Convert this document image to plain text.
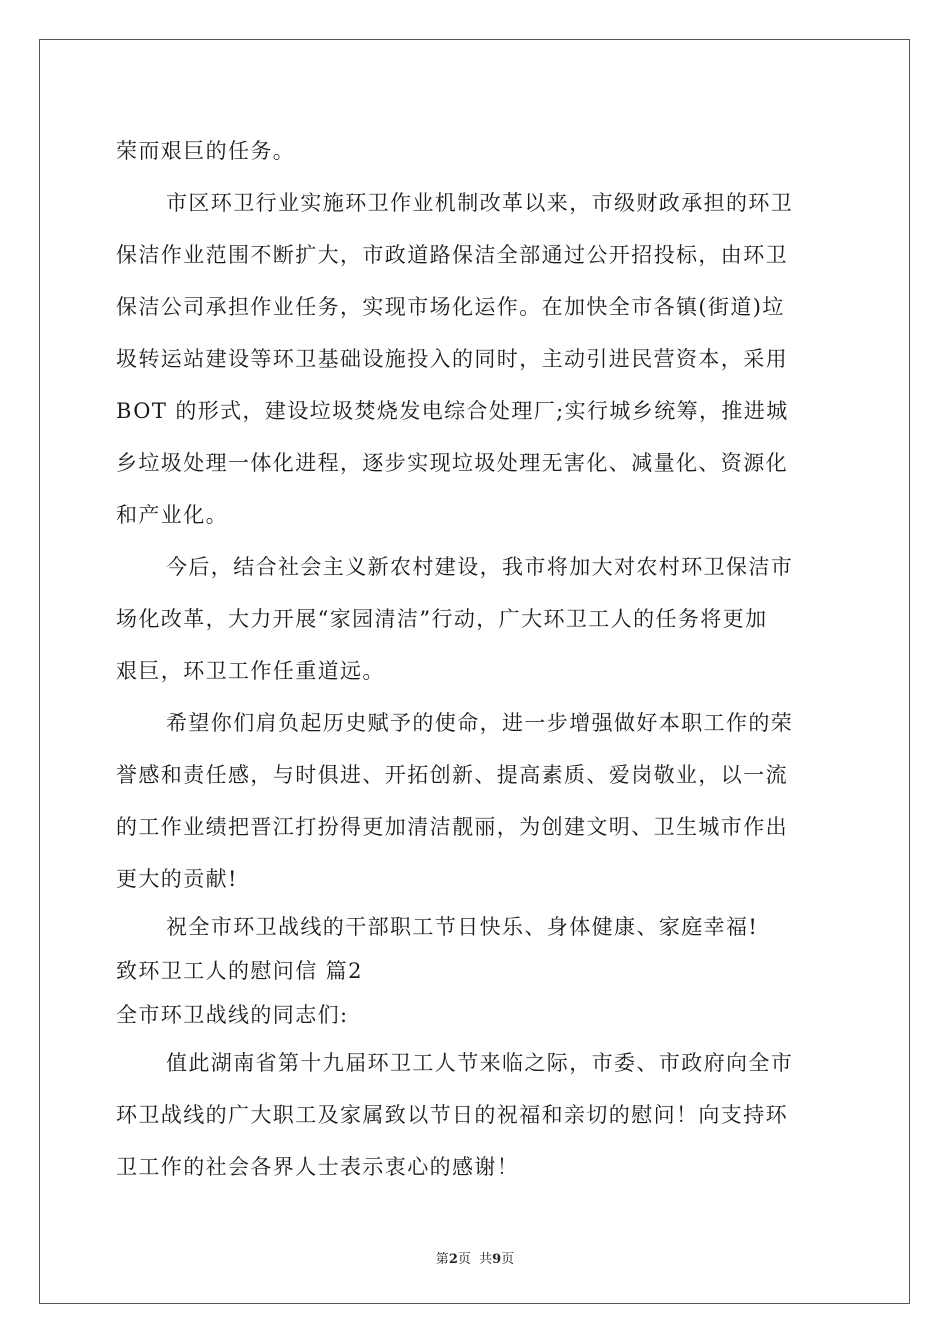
荣而艰巨的任务。
市区环卫行业实施环卫作业机制改革以来，市级财政承担的环卫
保洁作业范围不断扩大，市政道路保洁全部通过公开招投标，由环卫
保洁公司承担作业任务，实现市场化运作。在加快全市各镇(街道)垃
圾转运站建设等环卫基础设施投入的同时，主动引进民营资本，采用
BOT 的形式，建设垃圾焚烧发电综合处理厂;实行城乡统筹，推进城
乡垃圾处理一体化进程，逐步实现垃圾处理无害化、减量化、资源化
和产业化。
今后，结合社会主义新农村建设，我市将加大对农村环卫保洁市
场化改革，大力开展“家园清洁”行动，广大环卫工人的任务将更加
艰巨，环卫工作任重道远。
希望你们肩负起历史赋予的使命，进一步增强做好本职工作的荣
誉感和责任感，与时俱进、开拓创新、提高素质、爱岗敬业，以一流
的工作业绩把晋江打扮得更加清洁靓丽，为创建文明、卫生城市作出
更大的贡献!
祝全市环卫战线的干部职工节日快乐、身体健康、家庭幸福!
致环卫工人的慰问信 篇2
全市环卫战线的同志们:
值此湖南省第十九届环卫工人节来临之际，市委、市政府向全市
环卫战线的广大职工及家属致以节日的祝福和亲切的慰问！向支持环
卫工作的社会各界人士表示衷心的感谢！
第2页  共9页
